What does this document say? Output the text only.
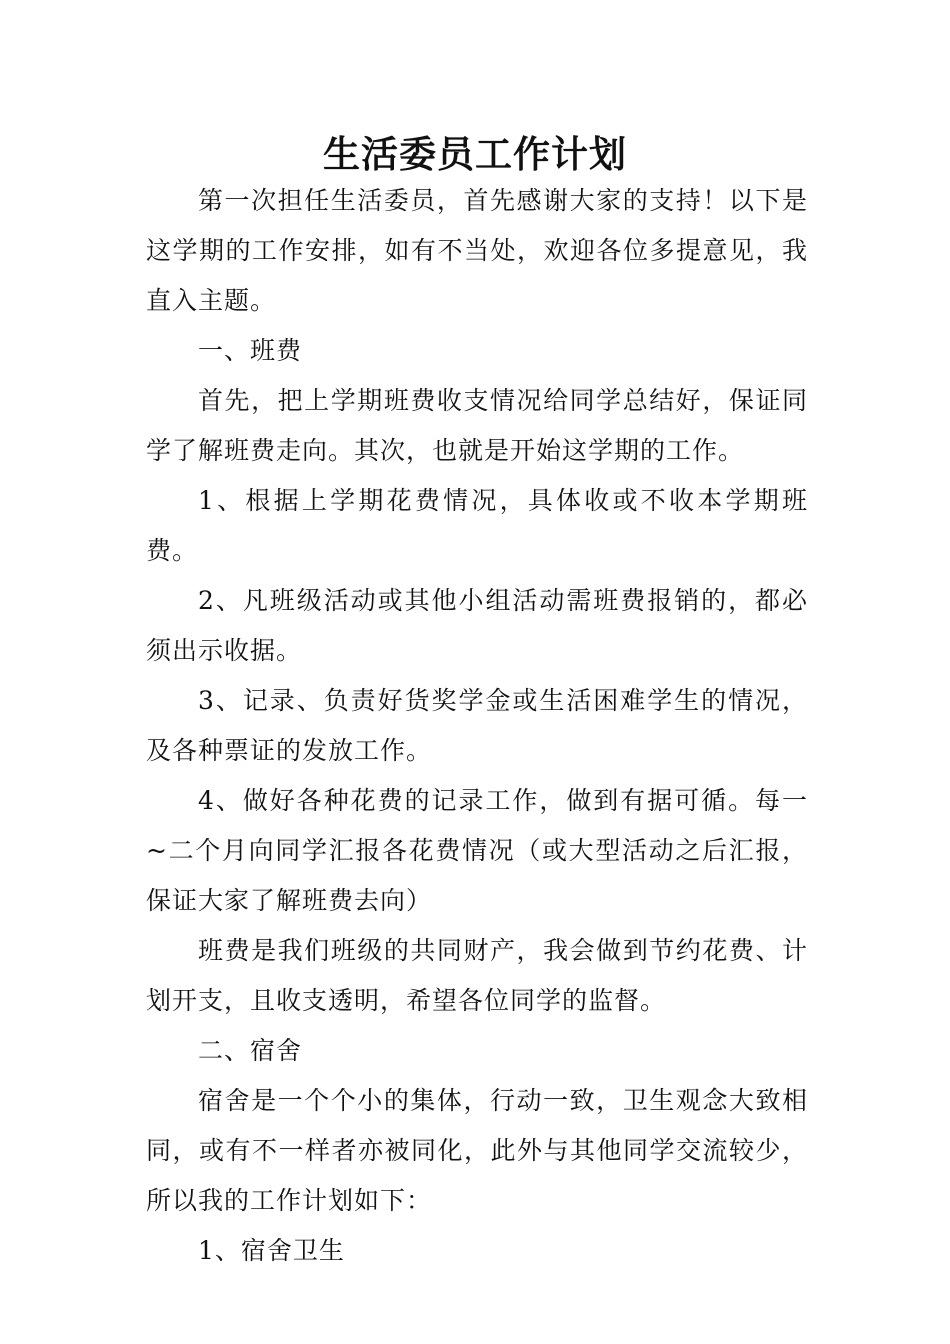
生活委员工作计划

第一次担任生活委员，首先感谢大家的支持！以下是这学期的工作安排，如有不当处，欢迎各位多提意见，我直入主题。

一、班费

首先，把上学期班费收支情况给同学总结好，保证同学了解班费走向。其次，也就是开始这学期的工作。

1、根据上学期花费情况，具体收或不收本学期班费。

2、凡班级活动或其他小组活动需班费报销的，都必须出示收据。

3、记录、负责好货奖学金或生活困难学生的情况，及各种票证的发放工作。

4、做好各种花费的记录工作，做到有据可循。每一~二个月向同学汇报各花费情况（或大型活动之后汇报，保证大家了解班费去向）

班费是我们班级的共同财产，我会做到节约花费、计划开支，且收支透明，希望各位同学的监督。

二、宿舍

宿舍是一个个小的集体，行动一致，卫生观念大致相同，或有不一样者亦被同化，此外与其他同学交流较少，所以我的工作计划如下：

1、宿舍卫生
